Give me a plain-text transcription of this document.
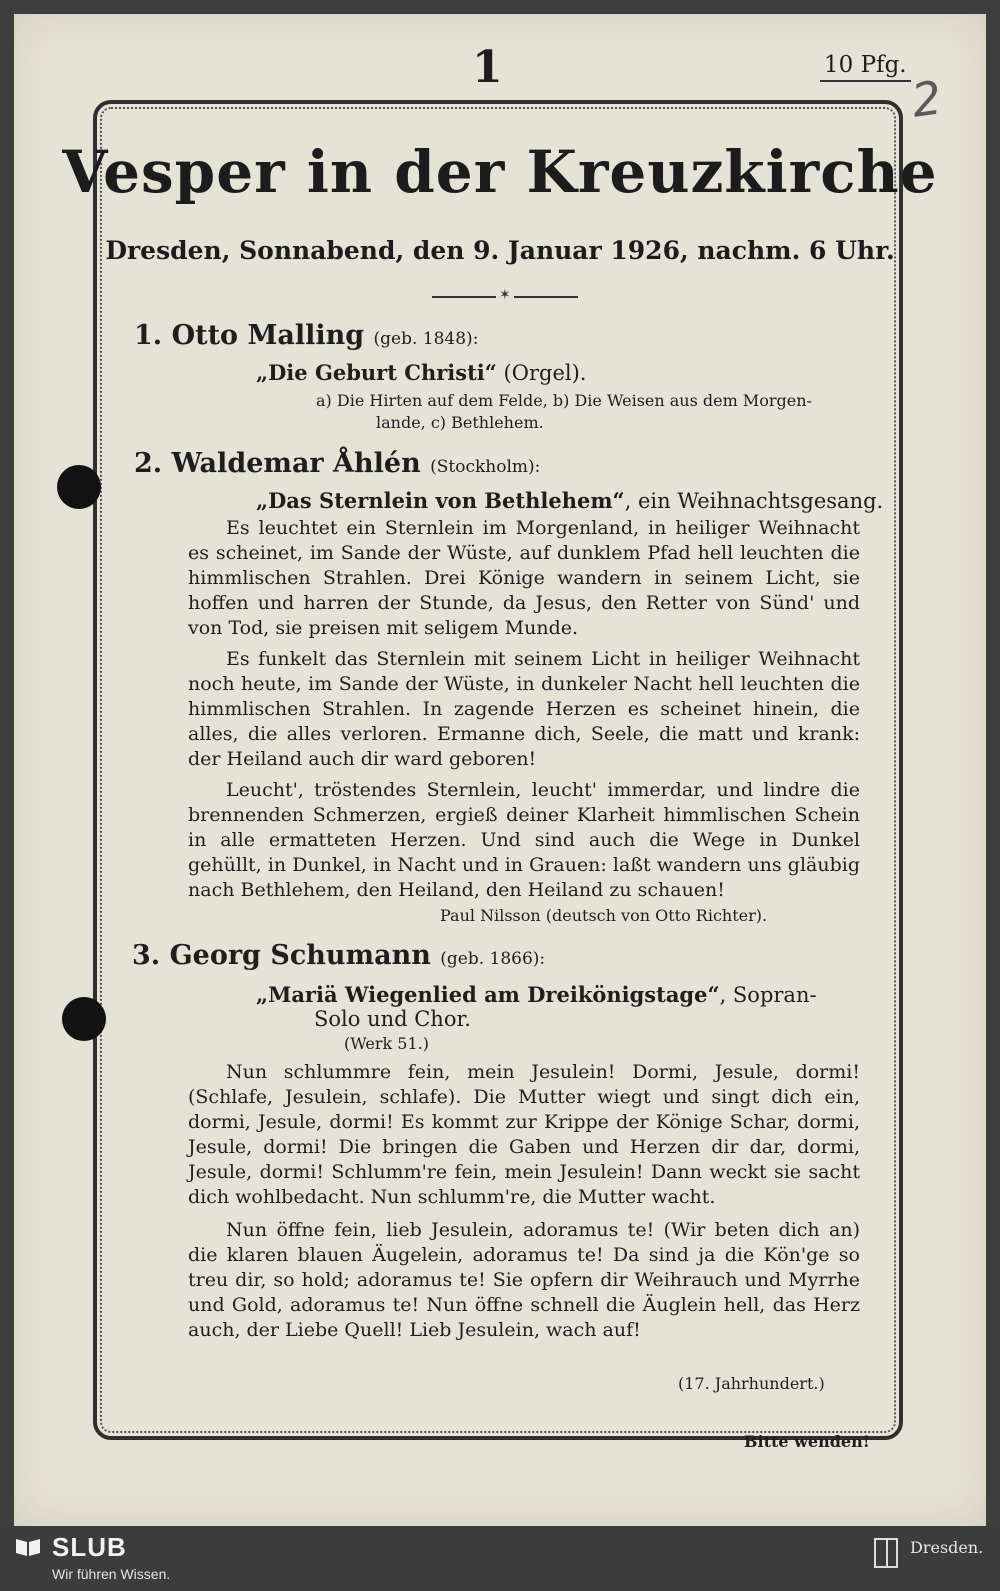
1	10 Pfg.
2
Vesper in der Kreuzkirche
Dresden, Sonnabend, den 9. Januar 1926, nachm. 6 Uhr.
✶
1. Otto Malling (geb. 1848):
„Die Geburt Christi“ (Orgel).
a) Die Hirten auf dem Felde, b) Die Weisen aus dem Morgen-
lande, c) Bethlehem.
2. Waldemar Åhlén (Stockholm):
„Das Sternlein von Bethlehem“, ein Weihnachtsgesang.

Es leuchtet ein Sternlein im Morgenland, in heiliger Weihnacht es scheinet, im Sande der Wüste, auf dunklem Pfad hell leuchten die himmlischen Strahlen. Drei Könige wandern in seinem Licht, sie hoffen und harren der Stunde, da Jesus, den Retter von Sünd' und von Tod, sie preisen mit seligem Munde.

Es funkelt das Sternlein mit seinem Licht in heiliger Weihnacht noch heute, im Sande der Wüste, in dunkeler Nacht hell leuchten die himmlischen Strahlen. In zagende Herzen es scheinet hinein, die alles, die alles verloren. Ermanne dich, Seele, die matt und krank: der Heiland auch dir ward geboren!

Leucht', tröstendes Sternlein, leucht' immerdar, und lindre die brennenden Schmerzen, ergieß deiner Klarheit himmlischen Schein in alle ermatteten Herzen. Und sind auch die Wege in Dunkel gehüllt, in Dunkel, in Nacht und in Grauen: laßt wandern uns gläubig nach Bethlehem, den Heiland, den Heiland zu schauen!

Paul Nilsson (deutsch von Otto Richter).
3. Georg Schumann (geb. 1866):
„Mariä Wiegenlied am Dreikönigstage“, Sopran-
Solo und Chor.
(Werk 51.)

Nun schlummre fein, mein Jesulein! Dormi, Jesule, dormi! (Schlafe, Jesulein, schlafe). Die Mutter wiegt und singt dich ein, dormi, Jesule, dormi! Es kommt zur Krippe der Könige Schar, dormi, Jesule, dormi! Die bringen die Gaben und Herzen dir dar, dormi, Jesule, dormi! Schlumm're fein, mein Jesulein! Dann weckt sie sacht dich wohlbedacht. Nun schlumm're, die Mutter wacht.

Nun öffne fein, lieb Jesulein, adoramus te! (Wir beten dich an) die klaren blauen Äugelein, adoramus te! Da sind ja die Kön'ge so treu dir, so hold; adoramus te! Sie opfern dir Weihrauch und Myrrhe und Gold, adoramus te! Nun öffne schnell die Äuglein hell, das Herz auch, der Liebe Quell! Lieb Jesulein, wach auf!

(17. Jahrhundert.)
Bitte wenden!
SLUB
Wir führen Wissen.
Dresden.
